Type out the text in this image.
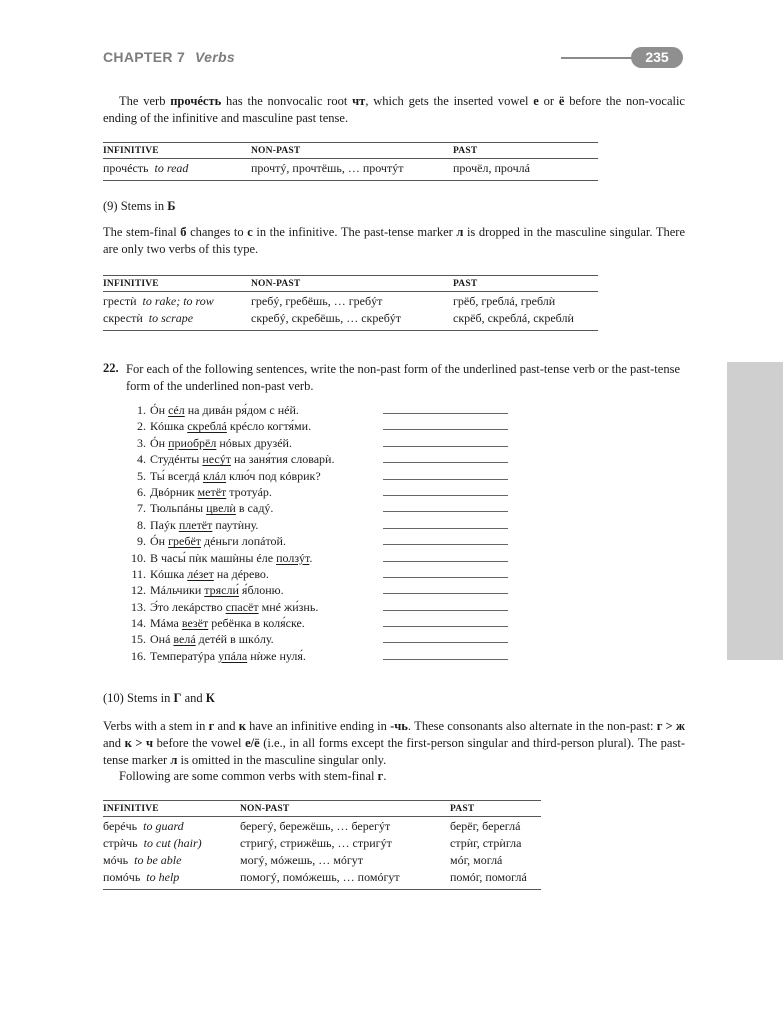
CHAPTER 7 Verbs	235
The verb прочéсть has the nonvocalic root чт, which gets the inserted vowel е or ё before the non-vocalic ending of the infinitive and masculine past tense.
INFINITIVE	NON-PAST	PAST
прочéсть to read	прочтý, прочтёшь, … прочтýт	прочёл, прочлá
(9) Stems in Б
The stem-final б changes to с in the infinitive. The past-tense marker л is dropped in the masculine singular. There are only two verbs of this type.
INFINITIVE	NON-PAST	PAST
грестѝ to rake; to row	гребý, гребёшь, … гребýт	грёб, греблá, греблѝ
скрестѝ to scrape	скребý, скребёшь, … скребýт	скрёб, скреблá, скреблѝ
22. For each of the following sentences, write the non-past form of the underlined past-tense verb or the past-tense form of the underlined non-past verb.
1. Óн сéл на дивáн ря́дом с нéй.
2. Кóшка скреблá крéсло когтя́ми.
3. Óн приобрёл нóвых друзéй.
4. Студéнты несýт на заня́тия словарѝ.
5. Ты́ всегдá клáл клю́ч под кóврик?
6. Двóрник метёт тротуáр.
7. Тюльпáны цвелѝ в садý.
8. Паýк плетёт паутѝну.
9. Óн гребёт дéньги лопáтой.
10. В часы́ пѝк машѝны éле ползýт.
11. Кóшка лéзет на дéрево.
12. Мáльчики трясли́ я́блоню.
13. Э́то лекáрство спасёт мнé жи́знь.
14. Мáма везёт ребёнка в коля́ске.
15. Онá велá детéй в шкóлу.
16. Температýра упáла нѝже нуля́.
(10) Stems in Г and К
Verbs with a stem in г and к have an infinitive ending in -чь. These consonants also alternate in the non-past: г > ж and к > ч before the vowel е/ё (i.e., in all forms except the first-person singular and third-person plural). The past-tense marker л is omitted in the masculine singular only.
Following are some common verbs with stem-final г.
INFINITIVE	NON-PAST	PAST
берéчь to guard	берегý, бережёшь, … берегýт	берёг, береглá
стрѝчь to cut (hair)	стригý, стрижёшь, … стригýт	стрѝг, стрѝгла
мóчь to be able	могý, мóжешь, … мóгут	мóг, моглá
помóчь to help	помогý, помóжешь, … помóгут	помóг, помоглá
